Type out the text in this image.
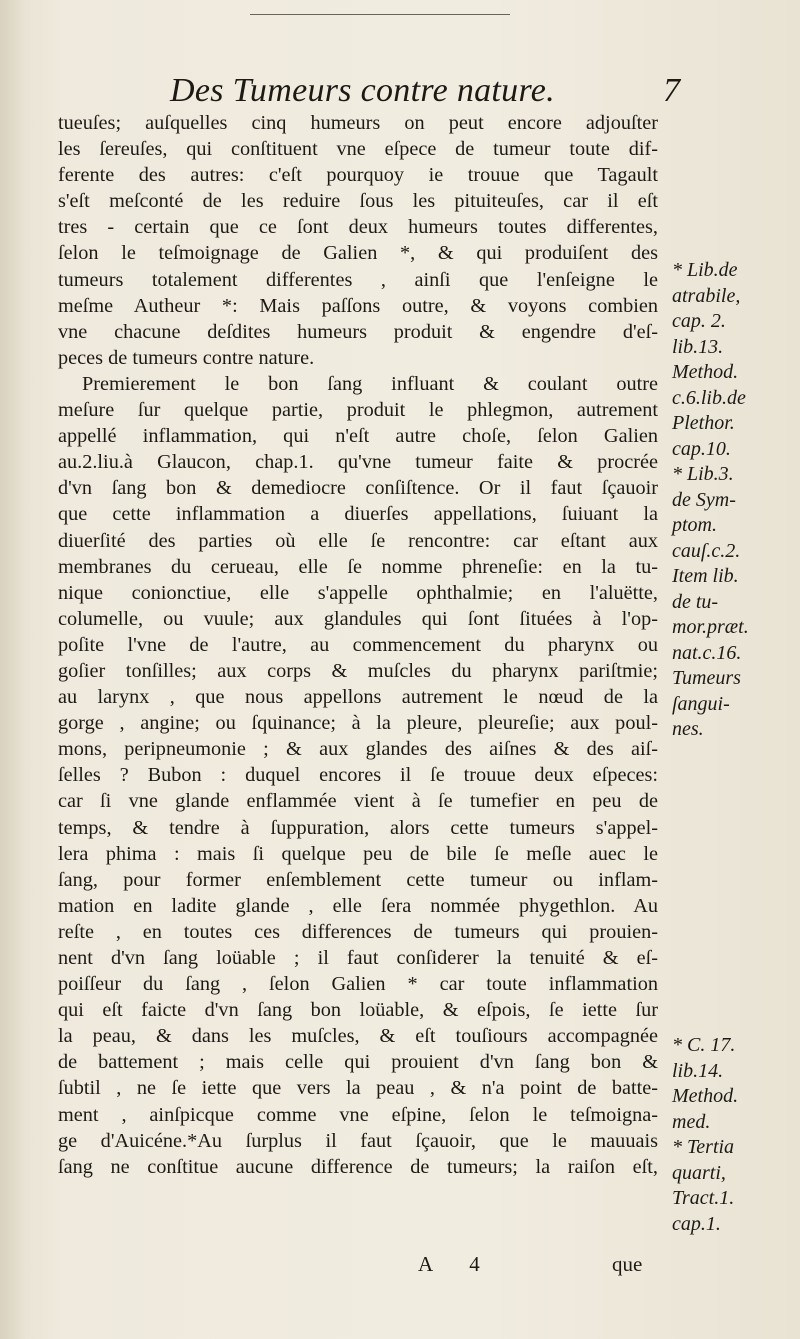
Des Tumeurs contre nature.	7
tueuſes; auſquelles cinq humeurs on peut encore adjouſter
les ſereuſes, qui conſtituent vne eſpece de tumeur toute dif-
ferente des autres: c'eſt pourquoy ie trouue que Tagault
s'eſt meſconté de les reduire ſous les pituiteuſes, car il eſt
tres - certain que ce ſont deux humeurs toutes differentes,
ſelon le teſmoignage de Galien *, & qui produiſent des
tumeurs totalement differentes , ainſi que l'enſeigne le
meſme Autheur *: Mais paſſons outre, & voyons combien
vne chacune deſdites humeurs produit & engendre d'eſ-
peces de tumeurs contre nature.
Premierement le bon ſang influant & coulant outre
meſure ſur quelque partie, produit le phlegmon, autrement
appellé inflammation, qui n'eſt autre choſe, ſelon Galien
au.2.liu.à Glaucon, chap.1. qu'vne tumeur faite & procrée
d'vn ſang bon & demediocre conſiſtence. Or il faut ſçauoir
que cette inflammation a diuerſes appellations, ſuiuant la
diuerſité des parties où elle ſe rencontre: car eſtant aux
membranes du cerueau, elle ſe nomme phreneſie: en la tu-
nique conionctiue, elle s'appelle ophthalmie; en l'aluëtte,
columelle, ou vuule; aux glandules qui ſont ſituées à l'op-
poſite l'vne de l'autre, au commencement du pharynx ou
goſier tonſilles; aux corps & muſcles du pharynx pariſtmie;
au larynx , que nous appellons autrement le nœud de la
gorge , angine; ou ſquinance; à la pleure, pleureſie; aux poul-
mons, peripneumonie ; & aux glandes des aiſnes & des aiſ-
ſelles ? Bubon : duquel encores il ſe trouue deux eſpeces:
car ſi vne glande enflammée vient à ſe tumefier en peu de
temps, & tendre à ſuppuration, alors cette tumeurs s'appel-
lera phima : mais ſi quelque peu de bile ſe meſle auec le
ſang, pour former enſemblement cette tumeur ou inflam-
mation en ladite glande , elle ſera nommée phygethlon. Au
reſte , en toutes ces differences de tumeurs qui prouien-
nent d'vn ſang loüable ; il faut conſiderer la tenuité & eſ-
poiſſeur du ſang , ſelon Galien * car toute inflammation
qui eſt faicte d'vn ſang bon loüable, & eſpois, ſe iette ſur
la peau, & dans les muſcles, & eſt touſiours accompagnée
de battement ; mais celle qui prouient d'vn ſang bon &
ſubtil , ne ſe iette que vers la peau , & n'a point de batte-
ment , ainſpicque comme vne eſpine, ſelon le teſmoigna-
ge d'Auicéne.*Au ſurplus il faut ſçauoir, que le mauuais
ſang ne conſtitue aucune difference de tumeurs; la raiſon eſt,
* Lib.de
atrabile,
cap. 2.
lib.13.
Method.
c.6.lib.de
Plethor.
cap.10.
* Lib.3.
de Sym-
ptom.
cauſ.c.2.
Item lib.
de tu-
mor.præt.
nat.c.16.
Tumeurs
ſangui-
nes.
* C. 17.
lib.14.
Method.
med.
* Tertia
quarti,
Tract.1.
cap.1.
A 4	que
